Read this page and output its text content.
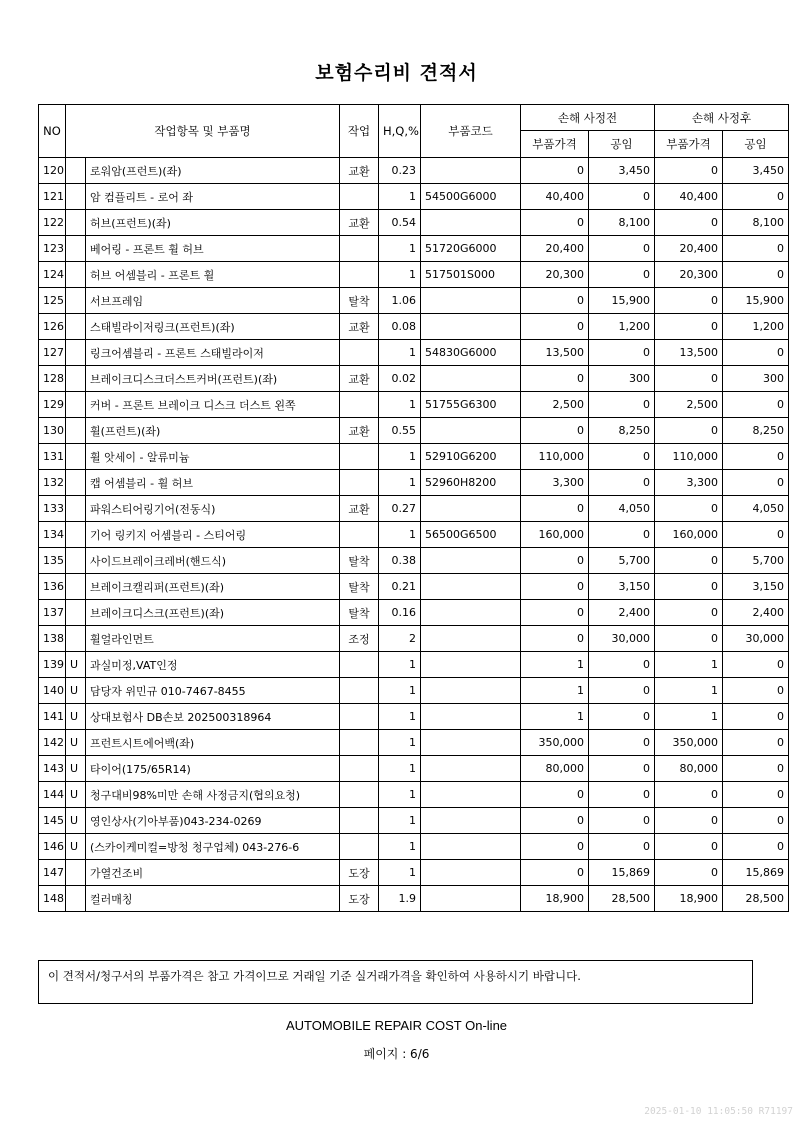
보험수리비 견적서
NO	작업항목 및 부품명		작업	H,Q,%	부품코드	손해 사정전		손해 사정후	
						부품가격	공임	부품가격	공임
120		로워암(프런트)(좌)	교환	0.23		0	3,450	0	3,450
121		암 컴플리트 - 로어 좌		1	54500G6000	40,400	0	40,400	0
122		허브(프런트)(좌)	교환	0.54		0	8,100	0	8,100
123		베어링 - 프론트 휠 허브		1	51720G6000	20,400	0	20,400	0
124		허브 어셈블리 - 프론트 휠		1	517501S000	20,300	0	20,300	0
125		서브프레임	탈착	1.06		0	15,900	0	15,900
126		스태빌라이저링크(프런트)(좌)	교환	0.08		0	1,200	0	1,200
127		링크어셈블리 - 프론트 스태빌라이저		1	54830G6000	13,500	0	13,500	0
128		브레이크디스크더스트커버(프런트)(좌)	교환	0.02		0	300	0	300
129		커버 - 프론트 브레이크 디스크 더스트 왼쪽		1	51755G6300	2,500	0	2,500	0
130		휠(프런트)(좌)	교환	0.55		0	8,250	0	8,250
131		휠 앗세이 - 알류미늄		1	52910G6200	110,000	0	110,000	0
132		캡 어셈블리 - 휠 허브		1	52960H8200	3,300	0	3,300	0
133		파워스티어링기어(전동식)	교환	0.27		0	4,050	0	4,050
134		기어 링키지 어셈블리 - 스티어링		1	56500G6500	160,000	0	160,000	0
135		사이드브레이크레버(핸드식)	탈착	0.38		0	5,700	0	5,700
136		브레이크캘리퍼(프런트)(좌)	탈착	0.21		0	3,150	0	3,150
137		브레이크디스크(프런트)(좌)	탈착	0.16		0	2,400	0	2,400
138		휠얼라인먼트	조정	2		0	30,000	0	30,000
139	U	과실미정,VAT인정		1		1	0	1	0
140	U	담당자 위민규 010-7467-8455		1		1	0	1	0
141	U	상대보험사 DB손보 202500318964		1		1	0	1	0
142	U	프런트시트에어백(좌)		1		350,000	0	350,000	0
143	U	타이어(175/65R14)		1		80,000	0	80,000	0
144	U	청구대비98%미만 손해 사정금지(협의요청)		1		0	0	0	0
145	U	영인상사(기아부품)043-234-0269		1		0	0	0	0
146	U	(스카이케미컬=방청 청구업체) 043-276-6		1		0	0	0	0
147		가열건조비	도장	1		0	15,869	0	15,869
148		컬러매칭	도장	1.9		18,900	28,500	18,900	28,500
이 견적서/청구서의 부품가격은 참고 가격이므로 거래일 기준 실거래가격을 확인하여 사용하시기 바랍니다.
AUTOMOBILE REPAIR COST On-line
페이지 : 6/6
2025-01-10 11:05:50 R71197
